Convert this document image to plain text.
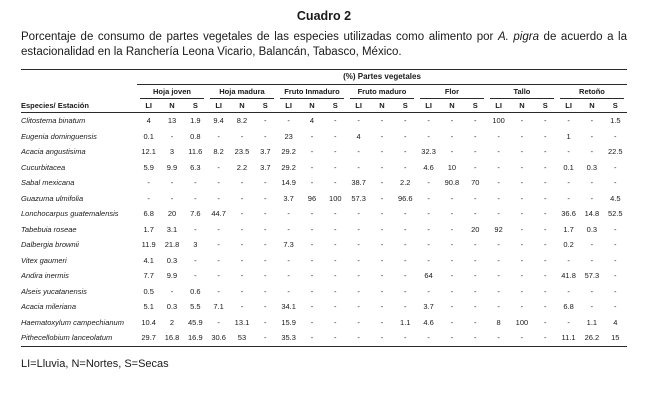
Cuadro 2
Porcentaje de consumo de partes vegetales de las especies utilizadas como alimento por A. pigra de acuerdo a la estacionalidad en la Ranchería Leona Vicario, Balancán, Tabasco, México.
	(%) Partes vegetales																				

	Hoja joven			Hoja madura			Fruto Inmaduro			Fruto maduro			Flor			Tallo			Retoño		

Especies/ Estación	LI	N	S	LI	N	S	LI	N	S	LI	N	S	LI	N	S	LI	N	S	LI	N	S
Clitostema binatum	4	13	1.9	9.4	8.2	-	-	4	-	-	-	-	-	-	-	100	-	-	-	-	1.5
Eugenia dominguensis	0.1	-	0.8	-	-	-	23	-	-	4	-	-	-	-	-	-	-	-	1	-	-
Acacia angustisima	12.1	3	11.6	8.2	23.5	3.7	29.2	-	-	-	-	-	32.3	-	-	-	-	-	-	-	22.5
Cucurbitacea	5.9	9.9	6.3	-	2.2	3.7	29.2	-	-	-	-	-	4.6	10	-	-	-	-	0.1	0.3	-
Sabal mexicana	-	-	-	-	-	-	14.9	-	-	38.7	-	2.2	-	90.8	70	-	-	-	-	-	-
Guazuma ulmifolia	-	-	-	-	-	-	3.7	96	100	57.3	-	96.6	-	-	-	-	-	-	-	-	4.5
Lonchocarpus guatemalensis	6.8	20	7.6	44.7	-	-	-	-	-	-	-	-	-	-	-	-	-	-	36.6	14.8	52.5
Tabebuia roseae	1.7	3.1	-	-	-	-	-	-	-	-	-	-	-	-	20	92	-	-	1.7	0.3	-
Dalbergia brownii	11.9	21.8	3	-	-	-	7.3	-	-	-	-	-	-	-	-	-	-	-	0.2	-	-
Vitex gaumeri	4.1	0.3	-	-	-	-	-	-	-	-	-	-	-	-	-	-	-	-	-	-	-
Andira inermis	7.7	9.9	-	-	-	-	-	-	-	-	-	-	64	-	-	-	-	-	41.8	57.3	-
Alseis yucatanensis	0.5	-	0.6	-	-	-	-	-	-	-	-	-	-	-	-	-	-	-	-	-	-
Acacia mileriana	5.1	0.3	5.5	7.1	-	-	34.1	-	-	-	-	-	3.7	-	-	-	-	-	6.8	-	-
Haematoxylum campechianum	10.4	2	45.9	-	13.1	-	15.9	-	-	-	-	1.1	4.6	-	-	8	100	-	-	1.1	4
Pithecellobium lanceolatum	29.7	16.8	16.9	30.6	53	-	35.3	-	-	-	-	-	-	-	-	-	-	-	11.1	26.2	15
LI=Lluvia, N=Nortes, S=Secas
